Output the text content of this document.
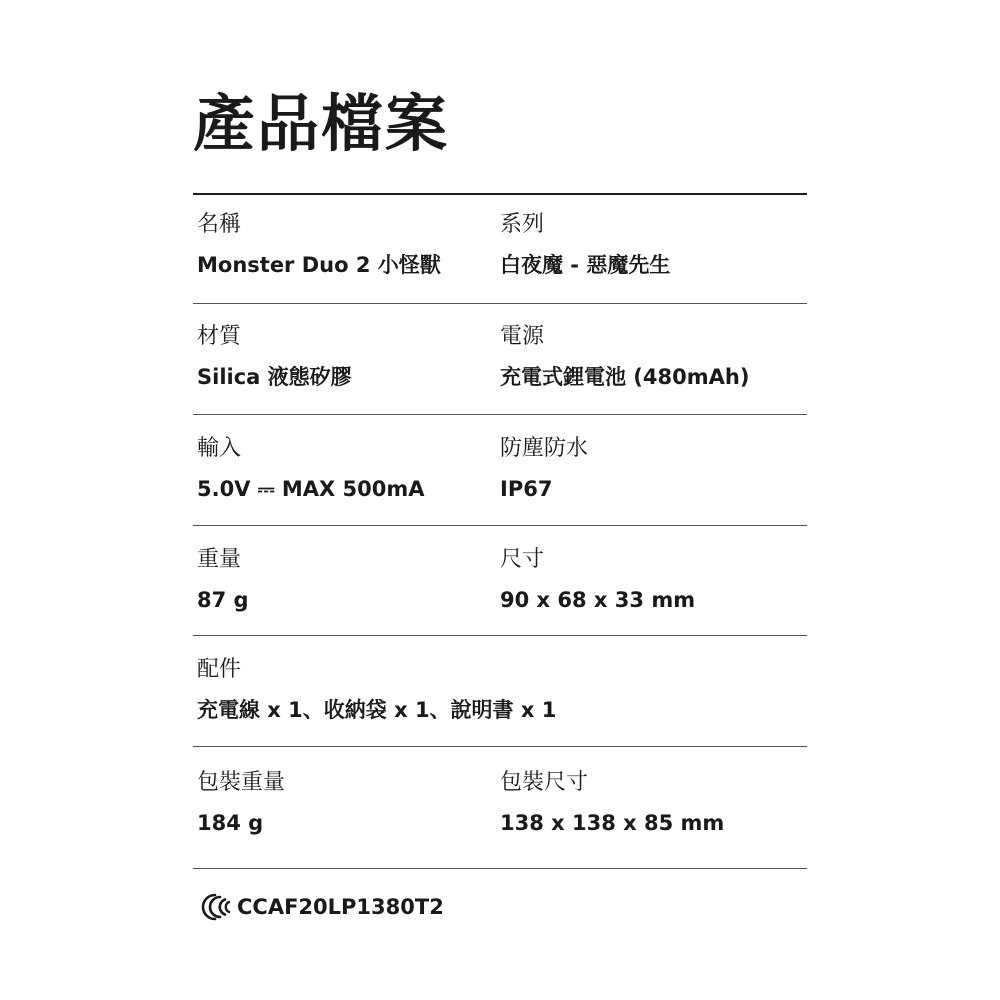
產品檔案
名稱
Monster Duo 2 小怪獸
系列
白夜魔 - 惡魔先生
材質
Silica 液態矽膠
電源
充電式鋰電池 (480mAh)
輸入
5.0V ⎓ MAX 500mA
防塵防水
IP67
重量
87 g
尺寸
90 x 68 x 33 mm
配件
充電線 x 1、收納袋 x 1、說明書 x 1
包裝重量
184 g
包裝尺寸
138 x 138 x 85 mm
CCAF20LP1380T2
